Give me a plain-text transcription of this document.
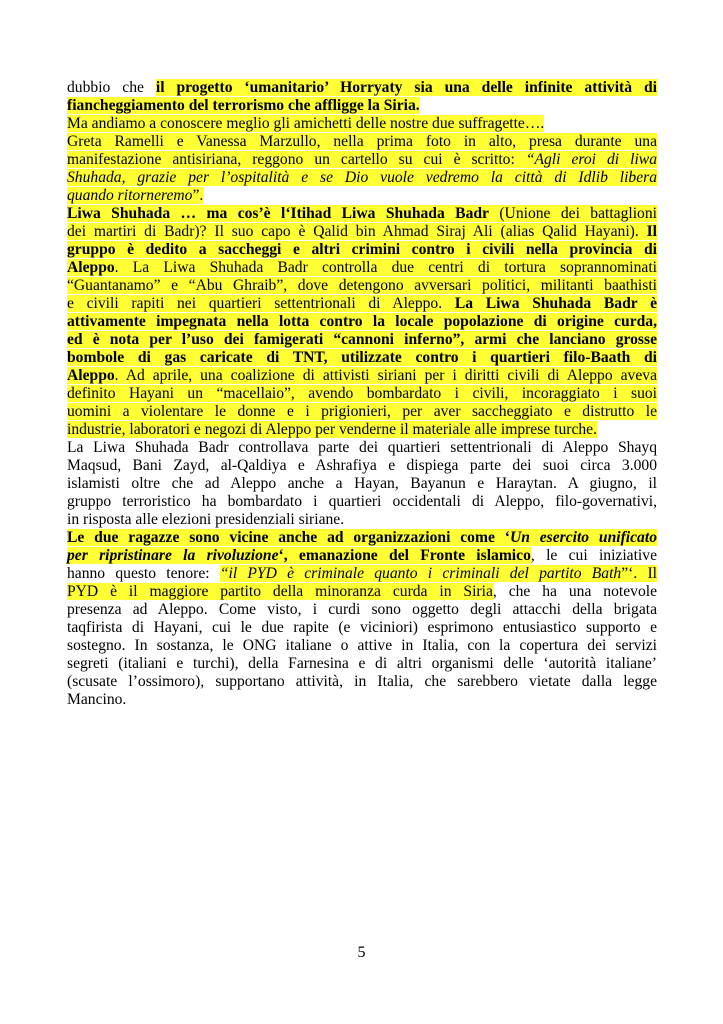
dubbio che il progetto ‘umanitario’ Horryaty sia una delle infinite attività di
fiancheggiamento del terrorismo che affligge la Siria.
Ma andiamo a conoscere meglio gli amichetti delle nostre due suffragette….
Greta Ramelli e Vanessa Marzullo, nella prima foto in alto, presa durante una
manifestazione antisiriana, reggono un cartello su cui è scritto: “Agli eroi di liwa
Shuhada, grazie per l’ospitalità e se Dio vuole vedremo la città di Idlib libera
quando ritorneremo”.
Liwa Shuhada … ma cos’è l‘Itihad Liwa Shuhada Badr (Unione dei battaglioni
dei martiri di Badr)? Il suo capo è Qalid bin Ahmad Siraj Ali (alias Qalid Hayani). Il
gruppo è dedito a saccheggi e altri crimini contro i civili nella provincia di
Aleppo. La Liwa Shuhada Badr controlla due centri di tortura soprannominati
“Guantanamo” e “Abu Ghraib”, dove detengono avversari politici, militanti baathisti
e civili rapiti nei quartieri settentrionali di Aleppo. La Liwa Shuhada Badr è
attivamente impegnata nella lotta contro la locale popolazione di origine curda,
ed è nota per l’uso dei famigerati “cannoni inferno”, armi che lanciano grosse
bombole di gas caricate di TNT, utilizzate contro i quartieri filo-Baath di
Aleppo. Ad aprile, una coalizione di attivisti siriani per i diritti civili di Aleppo aveva
definito Hayani un “macellaio”, avendo bombardato i civili, incoraggiato i suoi
uomini a violentare le donne e i prigionieri, per aver saccheggiato e distrutto le
industrie, laboratori e negozi di Aleppo per venderne il materiale alle imprese turche.
La Liwa Shuhada Badr controllava parte dei quartieri settentrionali di Aleppo Shayq
Maqsud, Bani Zayd, al-Qaldiya e Ashrafiya e dispiega parte dei suoi circa 3.000
islamisti oltre che ad Aleppo anche a Hayan, Bayanun e Haraytan. A giugno, il
gruppo terroristico ha bombardato i quartieri occidentali di Aleppo, filo-governativi,
in risposta alle elezioni presidenziali siriane.
Le due ragazze sono vicine anche ad organizzazioni come ‘Un esercito unificato
per ripristinare la rivoluzione‘, emanazione del Fronte islamico, le cui iniziative
hanno questo tenore: “il PYD è criminale quanto i criminali del partito Bath”‘. Il
PYD è il maggiore partito della minoranza curda in Siria, che ha una notevole
presenza ad Aleppo. Come visto, i curdi sono oggetto degli attacchi della brigata
taqfirista di Hayani, cui le due rapite (e viciniori) esprimono entusiastico supporto e
sostegno. In sostanza, le ONG italiane o attive in Italia, con la copertura dei servizi
segreti (italiani e turchi), della Farnesina e di altri organismi delle ‘autorità italiane’
(scusate l’ossimoro), supportano attività, in Italia, che sarebbero vietate dalla legge
Mancino.
5
